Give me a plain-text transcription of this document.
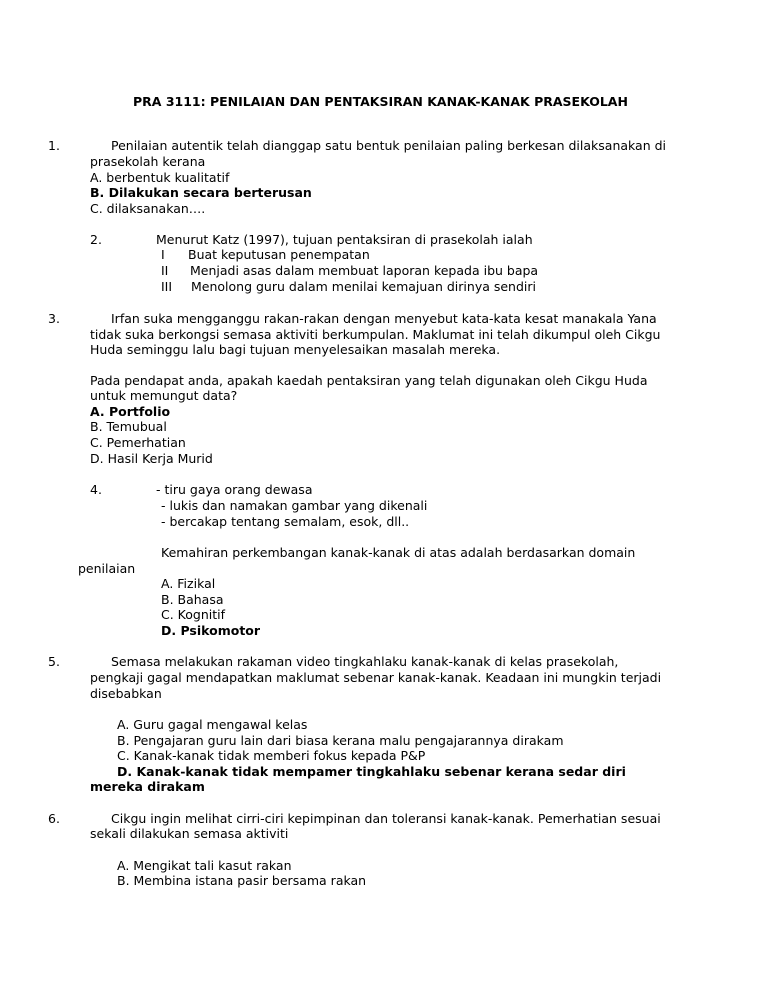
PRA 3111: PENILAIAN DAN PENTAKSIRAN KANAK-KANAK PRASEKOLAH
1.	Penilaian autentik telah dianggap satu bentuk penilaian paling berkesan dilaksanakan di
prasekolah kerana
A. berbentuk kualitatif
B. Dilakukan secara berterusan
C. dilaksanakan….
2.	Menurut Katz (1997), tujuan pentaksiran di prasekolah ialah
I Buat keputusan penempatan
II Menjadi asas dalam membuat laporan kepada ibu bapa
III Menolong guru dalam menilai kemajuan dirinya sendiri
3.	Irfan suka mengganggu rakan-rakan dengan menyebut kata-kata kesat manakala Yana
tidak suka berkongsi semasa aktiviti berkumpulan. Maklumat ini telah dikumpul oleh Cikgu
Huda seminggu lalu bagi tujuan menyelesaikan masalah mereka.
Pada pendapat anda, apakah kaedah pentaksiran yang telah digunakan oleh Cikgu Huda
untuk memungut data?
A. Portfolio
B. Temubual
C. Pemerhatian
D. Hasil Kerja Murid
4.	- tiru gaya orang dewasa
- lukis dan namakan gambar yang dikenali
- bercakap tentang semalam, esok, dll..
Kemahiran perkembangan kanak-kanak di atas adalah berdasarkan domain
penilaian
A. Fizikal
B. Bahasa
C. Kognitif
D. Psikomotor
5.	Semasa melakukan rakaman video tingkahlaku kanak-kanak di kelas prasekolah,
pengkaji gagal mendapatkan maklumat sebenar kanak-kanak. Keadaan ini mungkin terjadi
disebabkan
A. Guru gagal mengawal kelas
B. Pengajaran guru lain dari biasa kerana malu pengajarannya dirakam
C. Kanak-kanak tidak memberi fokus kepada P&P
D. Kanak-kanak tidak mempamer tingkahlaku sebenar kerana sedar diri
mereka dirakam
6.	Cikgu ingin melihat cirri-ciri kepimpinan dan toleransi kanak-kanak. Pemerhatian sesuai
sekali dilakukan semasa aktiviti
A. Mengikat tali kasut rakan
B. Membina istana pasir bersama rakan
